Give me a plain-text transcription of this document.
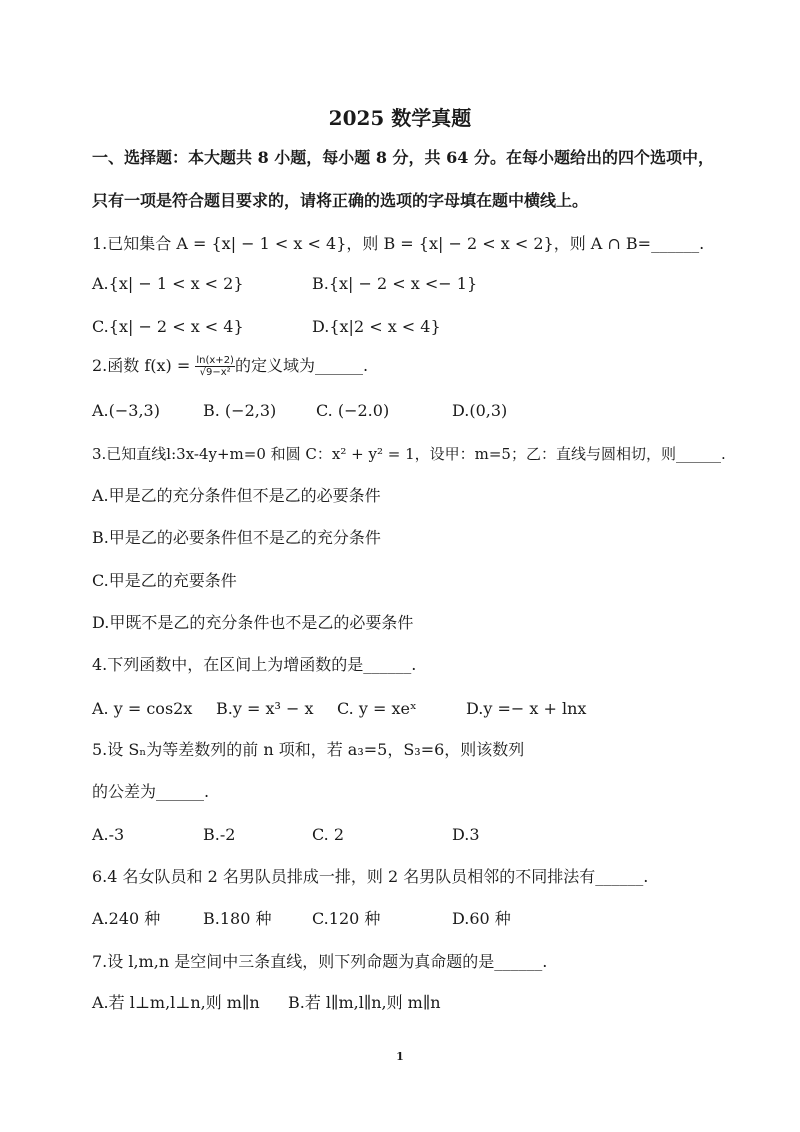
2025 数学真题
一、选择题：本大题共 8 小题，每小题 8 分，共 64 分。在每小题给出的四个选项中，
只有一项是符合题目要求的，请将正确的选项的字母填在题中横线上。
1.已知集合 A = {x| − 1 < x < 4}，则 B = {x| − 2 < x < 2}，则 A ∩ B=______.
A.{x| − 1 < x < 2}	B.{x| − 2 < x <− 1}
C.{x| − 2 < x < 4}	D.{x|2 < x < 4}
2.函数 $f(x) = \frac{\ln(x+2)}{\text{√9−x²}}$ 的定义域为______.
A.(−3,3)	B. (−2,3) C. (−2.0)	D.(0,3)
3.已知直线l:3x-4y+m=0 和圆 C：x² + y² = 1，设甲：m=5；乙：直线与圆相切，则______.
A.甲是乙的充分条件但不是乙的必要条件
B.甲是乙的必要条件但不是乙的充分条件
C.甲是乙的充要条件
D.甲既不是乙的充分条件也不是乙的必要条件
4.下列函数中，在区间上为增函数的是______.
A. y = cos2x B.y = x³ − x C. y = xeˣ	D.y =− x + lnx
5.设 Sₙ为等差数列的前 n 项和，若 a₃=5，S₃=6，则该数列
的公差为______.
A.-3	B.-2	C. 2	D.3
6.4 名女队员和 2 名男队员排成一排，则 2 名男队员相邻的不同排法有______.
A.240 种	B.180 种	C.120 种	D.60 种
7.设 l,m,n 是空间中三条直线，则下列命题为真命题的是______.
A.若 l⊥m,l⊥n,则 m∥n B.若 l∥m,l∥n,则 m∥n
1
